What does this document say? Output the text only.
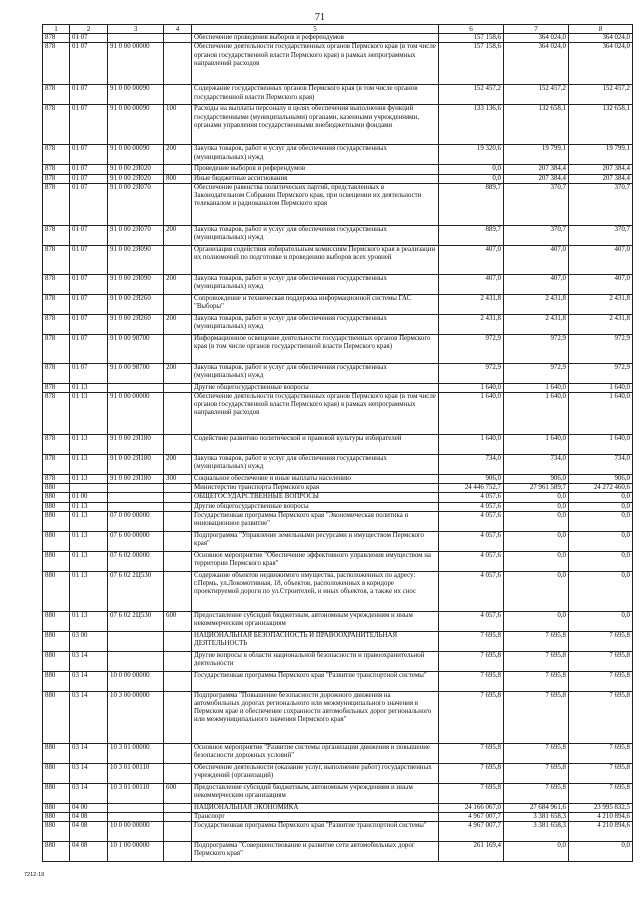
71
1	2	3	4	5	6	7	8
878	01 07			Обеспечение проведения выборов и референдумов	157 158,6	364 024,0	364 024,0
878	01 07	91 0 00 00000		Обеспечение деятельности государственных органов Пермского края (в том числе органов государственной власти Пермского края) в рамках непрограммных направлений расходов	157 158,6	364 024,0	364 024,0
878	01 07	91 0 00 00090		Содержание государственных органов Пермского края (в том числе органов государственной власти Пермского края)	152 457,2	152 457,2	152 457,2
878	01 07	91 0 00 00090	100	Расходы на выплаты персоналу в целях обеспечения выполнения функций государственными (муниципальными) органами, казенными учреждениями, органами управления государственными внебюджетными фондами	133 136,6	132 658,1	132 658,1
878	01 07	91 0 00 00090	200	Закупка товаров, работ и услуг для обеспечения государственных (муниципальных) нужд	19 320,6	19 799,1	19 799,1
878	01 07	91 0 00 2Я020		Проведение выборов и референдумов	0,0	207 384,4	207 384,4
878	01 07	91 0 00 2Я020	800	Иные бюджетные ассигнования	0,0	207 384,4	207 384,4
878	01 07	91 0 00 2Я070		Обеспечение равенства политических партий, представленных в Законодательном Собрании Пермского края, при освещении их деятельности телеканалом и радиоканалом Пермского края	889,7	370,7	370,7
878	01 07	91 0 00 2Я070	200	Закупка товаров, работ и услуг для обеспечения государственных (муниципальных) нужд	889,7	370,7	370,7
878	01 07	91 0 00 2Я090		Организация содействия избирательным комиссиям Пермского края в реализации их полномочий по подготовке и проведению выборов всех уровней	407,0	407,0	407,0
878	01 07	91 0 00 2Я090	200	Закупка товаров, работ и услуг для обеспечения государственных (муниципальных) нужд	407,0	407,0	407,0
878	01 07	91 0 00 2Я260		Сопровождение и техническая поддержка информационной системы ГАС "Выборы"	2 431,8	2 431,8	2 431,8
878	01 07	91 0 00 2Я260	200	Закупка товаров, работ и услуг для обеспечения государственных (муниципальных) нужд	2 431,8	2 431,8	2 431,8
878	01 07	91 0 00 98700		Информационное освещение деятельности государственных органов Пермского края (в том числе органов государственной власти Пермского края)	972,9	972,9	972,9
878	01 07	91 0 00 98700	200	Закупка товаров, работ и услуг для обеспечения государственных (муниципальных) нужд	972,9	972,9	972,9
878	01 13			Другие общегосударственные вопросы	1 640,0	1 640,0	1 640,0
878	01 13	91 0 00 00000		Обеспечение деятельности государственных органов Пермского края (в том числе органов государственной власти Пермского края) в рамках непрограммных направлений расходов	1 640,0	1 640,0	1 640,0
878	01 13	91 0 00 2Я180		Содействие развитию политической и правовой культуры избирателей	1 640,0	1 640,0	1 640,0
878	01 13	91 0 00 2Я180	200	Закупка товаров, работ и услуг для обеспечения государственных (муниципальных) нужд	734,0	734,0	734,0
878	01 13	91 0 00 2Я180	300	Социальное обеспечение и иные выплаты населению	906,0	906,0	906,0
880				Министерство транспорта Пермского края	24 446 752,7	27 961 589,7	24 272 460,6
880	01 00			ОБЩЕГОСУДАРСТВЕННЫЕ ВОПРОСЫ	4 057,6	0,0	0,0
880	01 13			Другие общегосударственные вопросы	4 057,6	0,0	0,0
880	01 13	07 0 00 00000		Государственная программа Пермского края "Экономическая политика и инновационное развитие"	4 057,6	0,0	0,0
880	01 13	07 6 00 00000		Подпрограмма "Управление земельными ресурсами и имуществом Пермского края"	4 057,6	0,0	0,0
880	01 13	07 6 02 00000		Основное мероприятие "Обеспечение эффективного управления имуществом на территории Пермского края"	4 057,6	0,0	0,0
880	01 13	07 6 02 2Ц530		Содержание объектов недвижимого имущества, расположенных по адресу: г.Пермь, ул.Локомотивная, 18, объектов, расположенных в коридоре проектируемой дороги по ул.Строителей, и иных объектов, а также их снос	4 057,6	0,0	0,0
880	01 13	07 6 02 2Ц530	600	Предоставление субсидий бюджетным, автономным учреждениям и иным некоммерческим организациям	4 057,6	0,0	0,0
880	03 00			НАЦИОНАЛЬНАЯ БЕЗОПАСНОСТЬ И ПРАВООХРАНИТЕЛЬНАЯ ДЕЯТЕЛЬНОСТЬ	7 695,8	7 695,8	7 695,8
880	03 14			Другие вопросы в области национальной безопасности и правоохранительной деятельности	7 695,8	7 695,8	7 695,8
880	03 14	10 0 00 00000		Государственная программа Пермского края "Развитие транспортной системы"	7 695,8	7 695,8	7 695,8
880	03 14	10 3 00 00000		Подпрограмма "Повышение безопасности дорожного движения на автомобильных дорогах регионального или межмуниципального значения в Пермском крае и обеспечение сохранности автомобильных дорог регионального или межмуниципального значения Пермского края"	7 695,8	7 695,8	7 695,8
880	03 14	10 3 01 00000		Основное мероприятие "Развитие системы организации движения и повышение безопасности дорожных условий"	7 695,8	7 695,8	7 695,8
880	03 14	10 3 01 00110		Обеспечение деятельности (оказание услуг, выполнение работ) государственных учреждений (организаций)	7 695,8	7 695,8	7 695,8
880	03 14	10 3 01 00110	600	Предоставление субсидий бюджетным, автономным учреждениям и иным некоммерческим организациям	7 695,8	7 695,8	7 695,8
880	04 00			НАЦИОНАЛЬНАЯ ЭКОНОМИКА	24 166 067,0	27 684 961,6	23 995 832,5
880	04 08			Транспорт	4 967 007,7	3 381 658,3	4 210 894,6
880	04 08	10 0 00 00000		Государственная программа Пермского края "Развитие транспортной системы"	4 967 007,7	3 381 658,3	4 210 894,6
880	04 08	10 1 00 00000		Подпрограмма "Совершенствование и развитие сети автомобильных дорог Пермского края"	261 169,4	0,0	0,0
7212-19
